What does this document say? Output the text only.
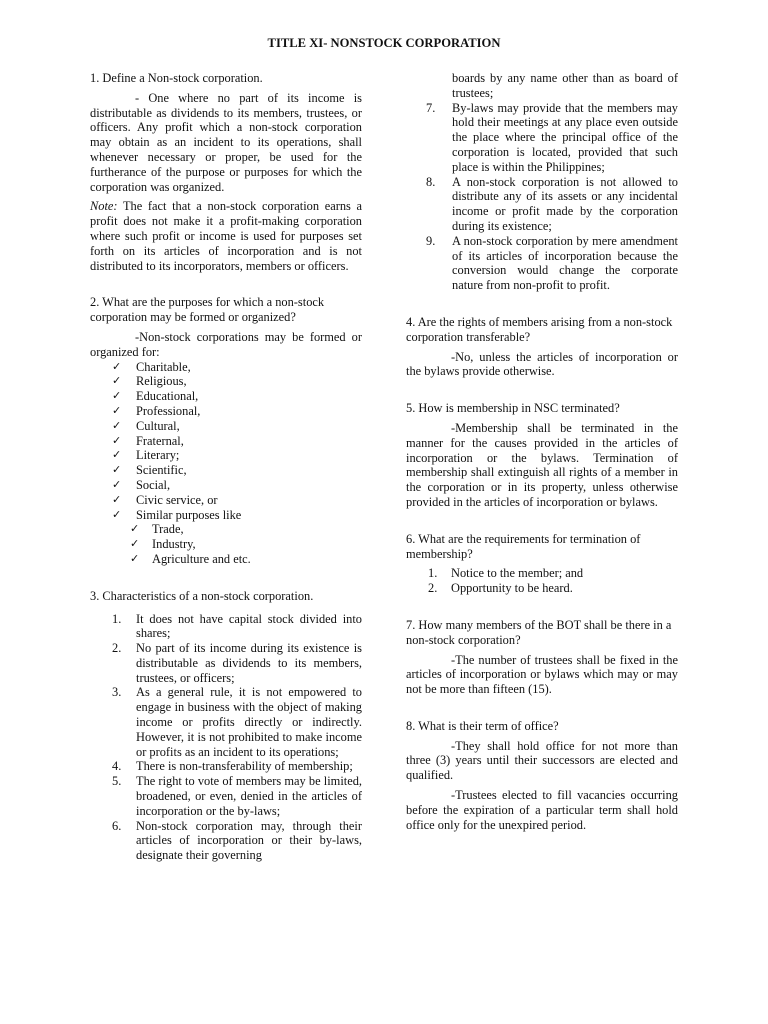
TITLE XI- NONSTOCK CORPORATION

1. Define a Non-stock corporation.

- One where no part of its income is distributable as dividends to its members, trustees, or officers. Any profit which a non-stock corporation may obtain as an incident to its operations, shall whenever necessary or proper, be used for the furtherance of the purpose or purposes for which the corporation was organized.

Note: The fact that a non-stock corporation earns a profit does not make it a profit-making corporation where such profit or income is used for purposes set forth on its articles of incorporation and is not distributed to its incorporators, members or officers.

2. What are the purposes for which a non-stock corporation may be formed or organized?

-Non-stock corporations may be formed or organized for:

✓ Charitable,
✓ Religious,
✓ Educational,
✓ Professional,
✓ Cultural,
✓ Fraternal,
✓ Literary;
✓ Scientific,
✓ Social,
✓ Civic service, or
✓ Similar purposes like
✓ Trade,
✓ Industry,
✓ Agriculture and etc.

3. Characteristics of a non-stock corporation.

1. It does not have capital stock divided into shares;
2. No part of its income during its existence is distributable as dividends to its members, trustees, or officers;
3. As a general rule, it is not empowered to engage in business with the object of making income or profits directly or indirectly. However, it is not prohibited to make income or profits as an incident to its operations;
4. There is non-transferability of membership;
5. The right to vote of members may be limited, broadened, or even, denied in the articles of incorporation or the by-laws;
6. Non-stock corporation may, through their articles of incorporation or their by-laws, designate their governing
boards by any name other than as board of trustees;
7. By-laws may provide that the members may hold their meetings at any place even outside the place where the principal office of the corporation is located, provided that such place is within the Philippines;
8. A non-stock corporation is not allowed to distribute any of its assets or any incidental income or profit made by the corporation during its existence;
9. A non-stock corporation by mere amendment of its articles of incorporation because the conversion would change the corporate nature from non-profit to profit.

4. Are the rights of members arising from a non-stock corporation transferable?

-No, unless the articles of incorporation or the bylaws provide otherwise.

5. How is membership in NSC terminated?

-Membership shall be terminated in the manner for the causes provided in the articles of incorporation or the bylaws. Termination of membership shall extinguish all rights of a member in the corporation or in its property, unless otherwise provided in the articles of incorporation or bylaws.

6. What are the requirements for termination of membership?

1. Notice to the member; and
2. Opportunity to be heard.

7. How many members of the BOT shall be there in a non-stock corporation?

-The number of trustees shall be fixed in the articles of incorporation or bylaws which may or may not be more than fifteen (15).

8. What is their term of office?

-They shall hold office for not more than three (3) years until their successors are elected and qualified.

-Trustees elected to fill vacancies occurring before the expiration of a particular term shall hold office only for the unexpired period.
